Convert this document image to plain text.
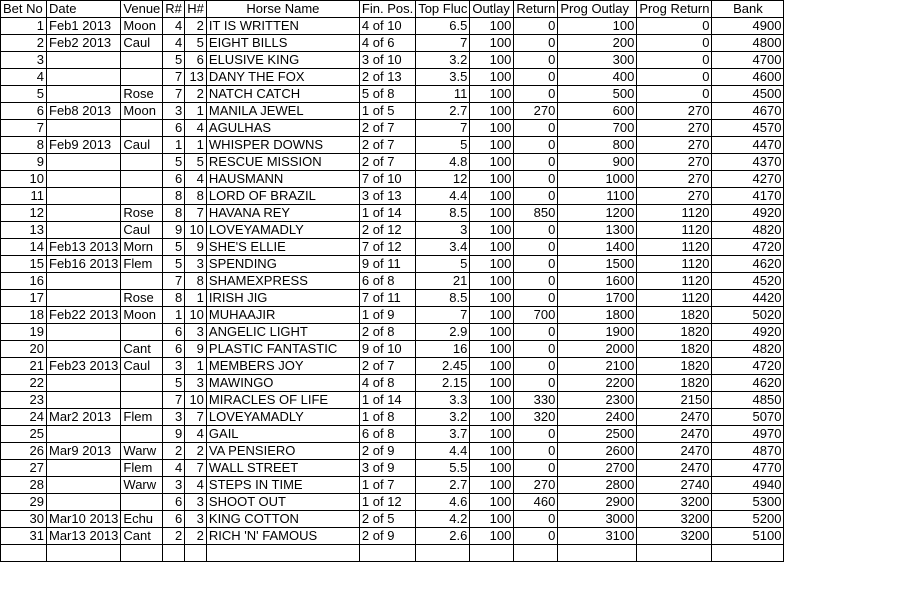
Bet No	Date	Venue	R#	H#	Horse Name	Fin. Pos.	Top Fluc	Outlay	Return	Prog Outlay	Prog Return	Bank
1	Feb1 2013	Moon	4	2	IT IS WRITTEN	4 of 10	6.5	100	0	100	0	4900
2	Feb2 2013	Caul	4	5	EIGHT BILLS	4 of 6	7	100	0	200	0	4800
3			5	6	ELUSIVE KING	3 of 10	3.2	100	0	300	0	4700
4			7	13	DANY THE FOX	2 of 13	3.5	100	0	400	0	4600
5		Rose	7	2	NATCH CATCH	5 of 8	11	100	0	500	0	4500
6	Feb8 2013	Moon	3	1	MANILA JEWEL	1 of 5	2.7	100	270	600	270	4670
7			6	4	AGULHAS	2 of 7	7	100	0	700	270	4570
8	Feb9 2013	Caul	1	1	WHISPER DOWNS	2 of 7	5	100	0	800	270	4470
9			5	5	RESCUE MISSION	2 of 7	4.8	100	0	900	270	4370
10			6	4	HAUSMANN	7 of 10	12	100	0	1000	270	4270
11			8	8	LORD OF BRAZIL	3 of 13	4.4	100	0	1100	270	4170
12		Rose	8	7	HAVANA REY	1 of 14	8.5	100	850	1200	1120	4920
13		Caul	9	10	LOVEYAMADLY	2 of 12	3	100	0	1300	1120	4820
14	Feb13 2013	Morn	5	9	SHE'S ELLIE	7 of 12	3.4	100	0	1400	1120	4720
15	Feb16 2013	Flem	5	3	SPENDING	9 of 11	5	100	0	1500	1120	4620
16			7	8	SHAMEXPRESS	6 of 8	21	100	0	1600	1120	4520
17		Rose	8	1	IRISH JIG	7 of 11	8.5	100	0	1700	1120	4420
18	Feb22 2013	Moon	1	10	MUHAAJIR	1 of 9	7	100	700	1800	1820	5020
19			6	3	ANGELIC LIGHT	2 of 8	2.9	100	0	1900	1820	4920
20		Cant	6	9	PLASTIC FANTASTIC	9 of 10	16	100	0	2000	1820	4820
21	Feb23 2013	Caul	3	1	MEMBERS JOY	2 of 7	2.45	100	0	2100	1820	4720
22			5	3	MAWINGO	4 of 8	2.15	100	0	2200	1820	4620
23			7	10	MIRACLES OF LIFE	1 of 14	3.3	100	330	2300	2150	4850
24	Mar2 2013	Flem	3	7	LOVEYAMADLY	1 of 8	3.2	100	320	2400	2470	5070
25			9	4	GAIL	6 of 8	3.7	100	0	2500	2470	4970
26	Mar9 2013	Warw	2	2	VA PENSIERO	2 of 9	4.4	100	0	2600	2470	4870
27		Flem	4	7	WALL STREET	3 of 9	5.5	100	0	2700	2470	4770
28		Warw	3	4	STEPS IN TIME	1 of 7	2.7	100	270	2800	2740	4940
29			6	3	SHOOT OUT	1 of 12	4.6	100	460	2900	3200	5300
30	Mar10 2013	Echu	6	3	KING COTTON	2 of 5	4.2	100	0	3000	3200	5200
31	Mar13 2013	Cant	2	2	RICH 'N' FAMOUS	2 of 9	2.6	100	0	3100	3200	5100
